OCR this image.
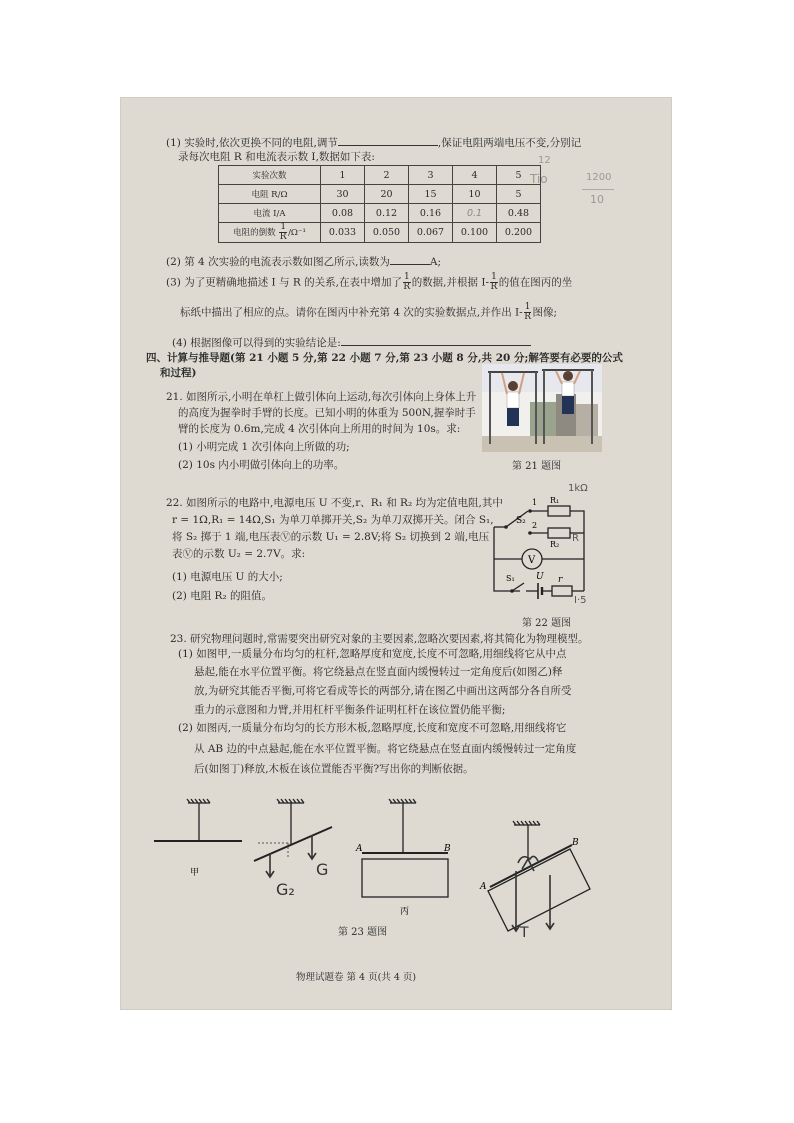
(1) 实验时,依次更换不同的电阻,调节	,保证电阻两端电压不变,分别记
录每次电阻 R 和电流表示数 I,数据如下表:
实验次数	1	2	3	4	5
电阻 R/Ω	30	20	15	10	5
电流 I/A	0.08	0.12	0.16	0.1	0.48
电阻的倒数 $\frac{1}{R} /\Omega^{-1}$	0.033	0.050	0.067	0.100	0.200
12
Tio	1200
10
(2) 第 4 次实验的电流表示数如图乙所示,读数为	A;
(3) 为了更精确地描述 I 与 R 的关系,在表中增加了 $\frac{1}{R}$ 的数据,并根据 $I- \frac{1}{R}$ 的值在图丙的坐
标纸中描出了相应的点。请你在图丙中补充第 4 次的实验数据点,并作出 $I- \frac{1}{R}$ 图像;
(4) 根据图像可以得到的实验结论是:
四、计算与推导题(第 21 小题 5 分,第 22 小题 7 分,第 23 小题 8 分,共 20 分;解答要有必要的公式
和过程)
21. 如图所示,小明在单杠上做引体向上运动,每次引体向上身体上升
的高度为握拳时手臂的长度。已知小明的体重为 500N,握拳时手
臂的长度为 0.6m,完成 4 次引体向上所用的时间为 10s。求:
(1) 小明完成 1 次引体向上所做的功;
(2) 10s 内小明做引体向上的功率。	第 21 题图
22. 如图所示的电路中,电源电压 U 不变,r、R₁ 和 R₂ 均为定值电阻,其中
r = 1Ω,R₁ = 14Ω,S₁ 为单刀单掷开关,S₂ 为单刀双掷开关。闭合 S₁,
将 S₂ 掷于 1 端,电压表Ⓥ的示数 U₁ = 2.8V;将 S₂ 切换到 2 端,电压
表Ⓥ的示数 U₂ = 2.7V。求:
(1) 电源电压 U 的大小;
(2) 电阻 R₂ 的阻值。
S₂
1
2
R₁
R₂
V
S₁ U r
1kΩ
R
I·5
第 22 题图
23. 研究物理问题时,常需要突出研究对象的主要因素,忽略次要因素,将其简化为物理模型。
(1) 如图甲,一质量分布均匀的杠杆,忽略厚度和宽度,长度不可忽略,用细线将它从中点
悬起,能在水平位置平衡。将它绕悬点在竖直面内缓慢转过一定角度后(如图乙)释
放,为研究其能否平衡,可将它看成等长的两部分,请在图乙中画出这两部分各自所受
重力的示意图和力臂,并用杠杆平衡条件证明杠杆在该位置仍能平衡;
(2) 如图丙,一质量分布均匀的长方形木板,忽略厚度,长度和宽度不可忽略,用细线将它
从 AB 边的中点悬起,能在水平位置平衡。将它绕悬点在竖直面内缓慢转过一定角度
后(如图丁)释放,木板在该位置能否平衡?写出你的判断依据。
甲
G₂
G
A	B
丙
A
B
T
第 23 题图
物理试题卷 第 4 页(共 4 页)
